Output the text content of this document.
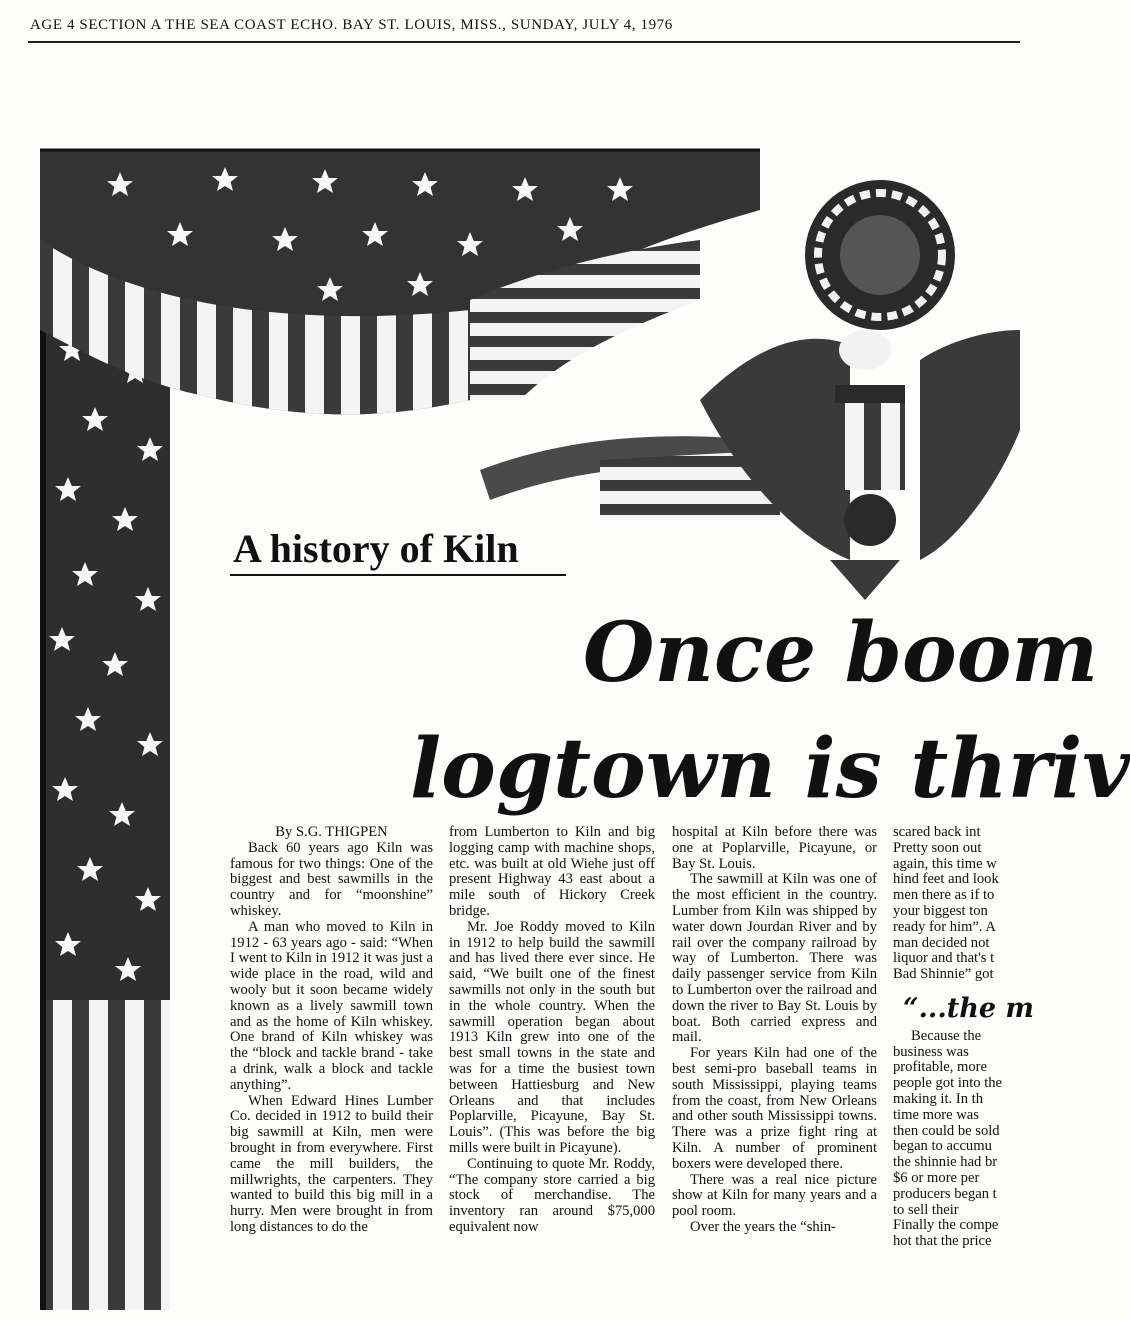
AGE 4 SECTION A THE SEA COAST ECHO. BAY ST. LOUIS, MISS., SUNDAY, JULY 4, 1976
A history of Kiln
Once boom
logtown is thriv

By S.G. THIGPEN

Back 60 years ago Kiln was famous for two things: One of the biggest and best sawmills in the country and for “moonshine” whiskey.

A man who moved to Kiln in 1912 - 63 years ago - said: “When I went to Kiln in 1912 it was just a wide place in the road, wild and wooly but it soon became widely known as a lively sawmill town and as the home of Kiln whiskey. One brand of Kiln whiskey was the “block and tackle brand - take a drink, walk a block and tackle anything”.

When Edward Hines Lumber Co. decided in 1912 to build their big sawmill at Kiln, men were brought in from everywhere. First came the mill builders, the millwrights, the carpenters. They wanted to build this big mill in a hurry. Men were brought in from long distances to do the

from Lumberton to Kiln and big logging camp with machine shops, etc. was built at old Wiehe just off present Highway 43 east about a mile south of Hickory Creek bridge.

Mr. Joe Roddy moved to Kiln in 1912 to help build the sawmill and has lived there ever since. He said, “We built one of the finest sawmills not only in the south but in the whole country. When the sawmill operation began about 1913 Kiln grew into one of the best small towns in the state and was for a time the busiest town between Hattiesburg and New Orleans and that includes Poplarville, Picayune, Bay St. Louis”. (This was before the big mills were built in Picayune).

Continuing to quote Mr. Roddy, “The company store carried a big stock of merchandise. The inventory ran around $75,000 equivalent now

hospital at Kiln before there was one at Poplarville, Picayune, or Bay St. Louis.

The sawmill at Kiln was one of the most efficient in the country. Lumber from Kiln was shipped by water down Jourdan River and by rail over the company railroad by way of Lumberton. There was daily passenger service from Kiln to Lumberton over the railroad and down the river to Bay St. Louis by boat. Both carried express and mail.

For years Kiln had one of the best semi-pro baseball teams in south Mississippi, playing teams from the coast, from New Orleans and other south Mississippi towns. There was a prize fight ring at Kiln. A number of prominent boxers were developed there.

There was a real nice picture show at Kiln for many years and a pool room.

Over the years the “shin-

scared back int

Pretty soon out

again, this time w

hind feet and look

men there as if to

your biggest ton

ready for him”. A

man decided not

liquor and that's t

Bad Shinnie” got

“...the m

Because the

business was

profitable, more

people got into the

making it. In th

time more was

then could be sold

began to accumu

the shinnie had br

$6 or more per

producers began t

to sell their

Finally the compe

hot that the price
